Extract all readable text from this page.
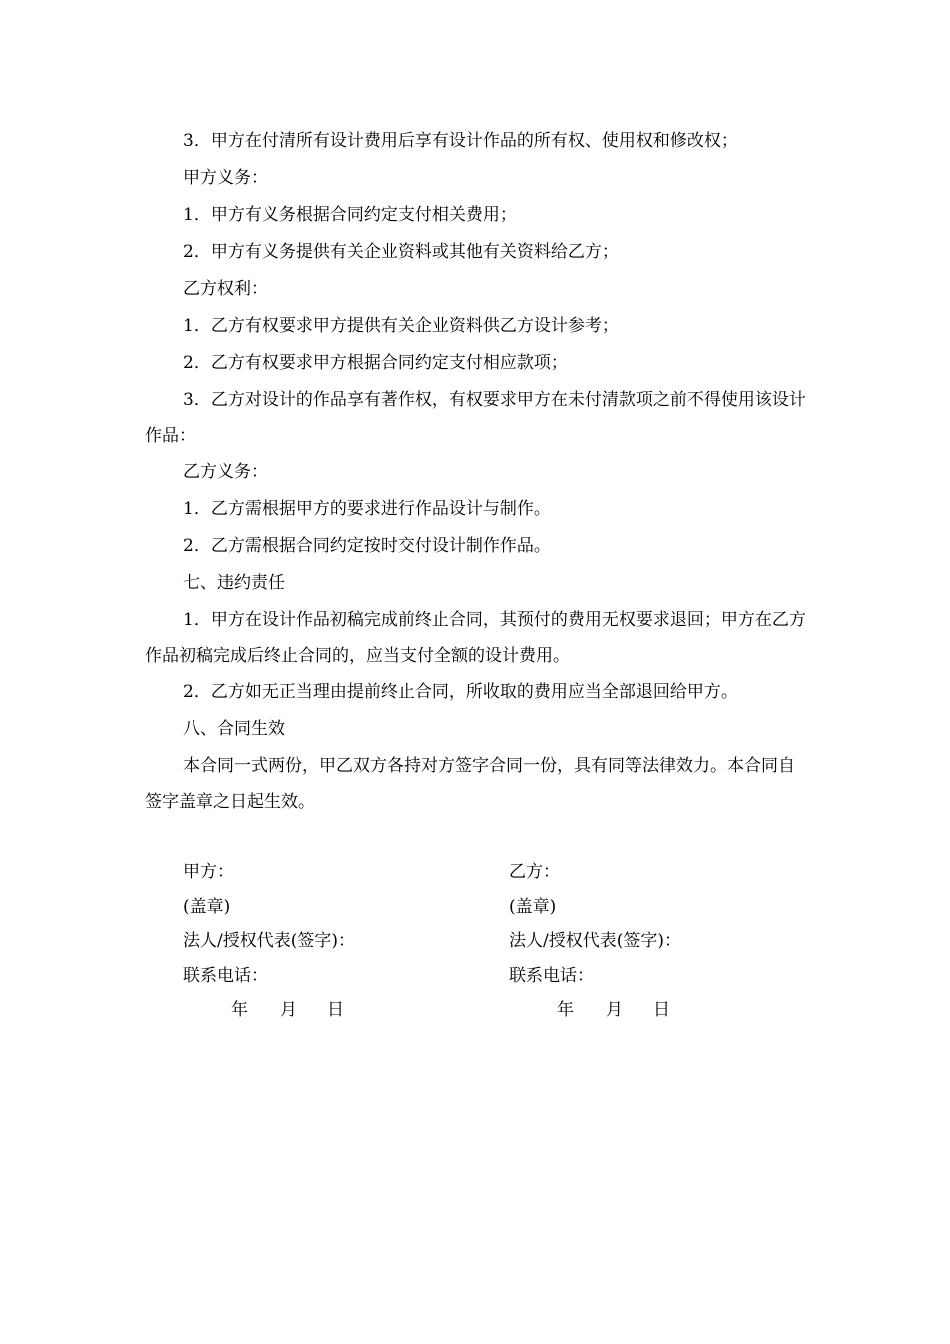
3．甲方在付清所有设计费用后享有设计作品的所有权、使用权和修改权；

甲方义务：

1．甲方有义务根据合同约定支付相关费用；

2．甲方有义务提供有关企业资料或其他有关资料给乙方；

乙方权利：

1．乙方有权要求甲方提供有关企业资料供乙方设计参考；

2．乙方有权要求甲方根据合同约定支付相应款项；

3．乙方对设计的作品享有著作权，有权要求甲方在未付清款项之前不得使用该设计作品：

乙方义务：

1．乙方需根据甲方的要求进行作品设计与制作。

2．乙方需根据合同约定按时交付设计制作作品。

七、违约责任

1．甲方在设计作品初稿完成前终止合同，其预付的费用无权要求退回；甲方在乙方作品初稿完成后终止合同的，应当支付全额的设计费用。

2．乙方如无正当理由提前终止合同，所收取的费用应当全部退回给甲方。

八、合同生效

本合同一式两份，甲乙双方各持对方签字合同一份，具有同等法律效力。本合同自签字盖章之日起生效。

甲方：

(盖章)

法人/授权代表(签字)：

联系电话：

年 月 日

乙方：

(盖章)

法人/授权代表(签字)：

联系电话：

年 月 日
